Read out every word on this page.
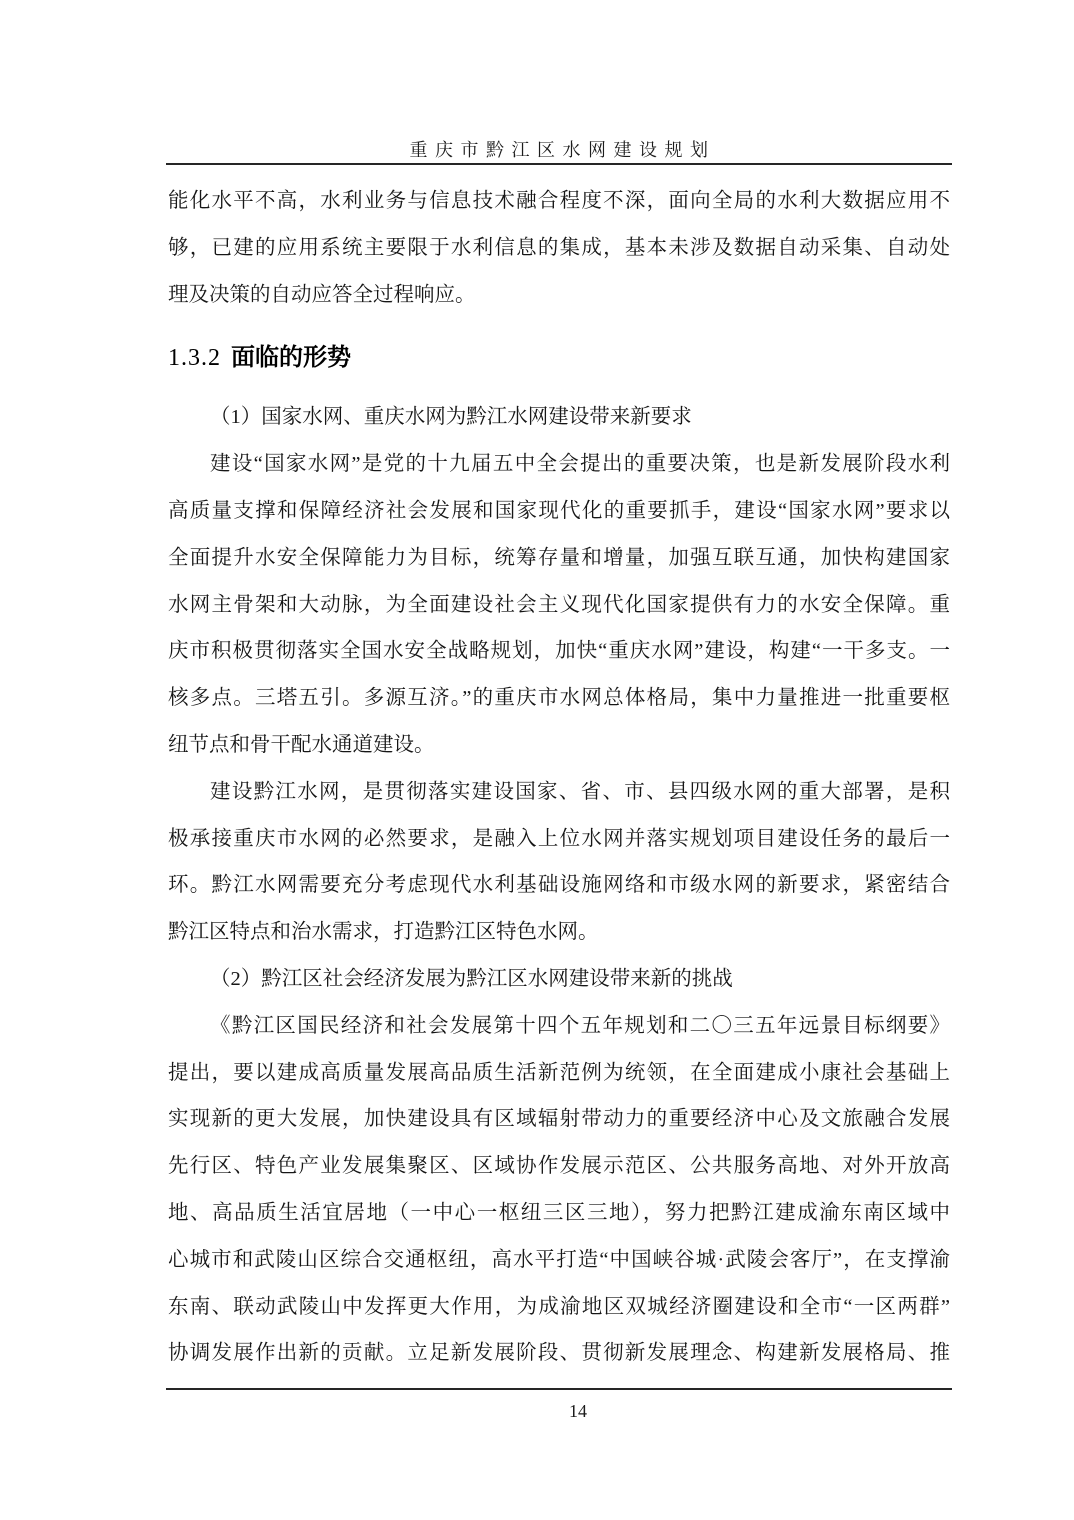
重庆市黔江区水网建设规划
能化水平不高，水利业务与信息技术融合程度不深，面向全局的水利大数据应用不
够，已建的应用系统主要限于水利信息的集成，基本未涉及数据自动采集、自动处
理及决策的自动应答全过程响应。
1.3.2 面临的形势
（1）国家水网、重庆水网为黔江水网建设带来新要求
建设“国家水网”是党的十九届五中全会提出的重要决策，也是新发展阶段水利
高质量支撑和保障经济社会发展和国家现代化的重要抓手，建设“国家水网”要求以
全面提升水安全保障能力为目标，统筹存量和增量，加强互联互通，加快构建国家
水网主骨架和大动脉，为全面建设社会主义现代化国家提供有力的水安全保障。重
庆市积极贯彻落实全国水安全战略规划，加快“重庆水网”建设，构建“一干多支。一
核多点。三塔五引。多源互济。”的重庆市水网总体格局，集中力量推进一批重要枢
纽节点和骨干配水通道建设。
建设黔江水网，是贯彻落实建设国家、省、市、县四级水网的重大部署，是积
极承接重庆市水网的必然要求，是融入上位水网并落实规划项目建设任务的最后一
环。黔江水网需要充分考虑现代水利基础设施网络和市级水网的新要求，紧密结合
黔江区特点和治水需求，打造黔江区特色水网。
（2）黔江区社会经济发展为黔江区水网建设带来新的挑战
《黔江区国民经济和社会发展第十四个五年规划和二〇三五年远景目标纲要》
提出，要以建成高质量发展高品质生活新范例为统领，在全面建成小康社会基础上
实现新的更大发展，加快建设具有区域辐射带动力的重要经济中心及文旅融合发展
先行区、特色产业发展集聚区、区域协作发展示范区、公共服务高地、对外开放高
地、高品质生活宜居地（一中心一枢纽三区三地），努力把黔江建成渝东南区域中
心城市和武陵山区综合交通枢纽，高水平打造“中国峡谷城·武陵会客厅”，在支撑渝
东南、联动武陵山中发挥更大作用，为成渝地区双城经济圈建设和全市“一区两群”
协调发展作出新的贡献。立足新发展阶段、贯彻新发展理念、构建新发展格局、推
14
